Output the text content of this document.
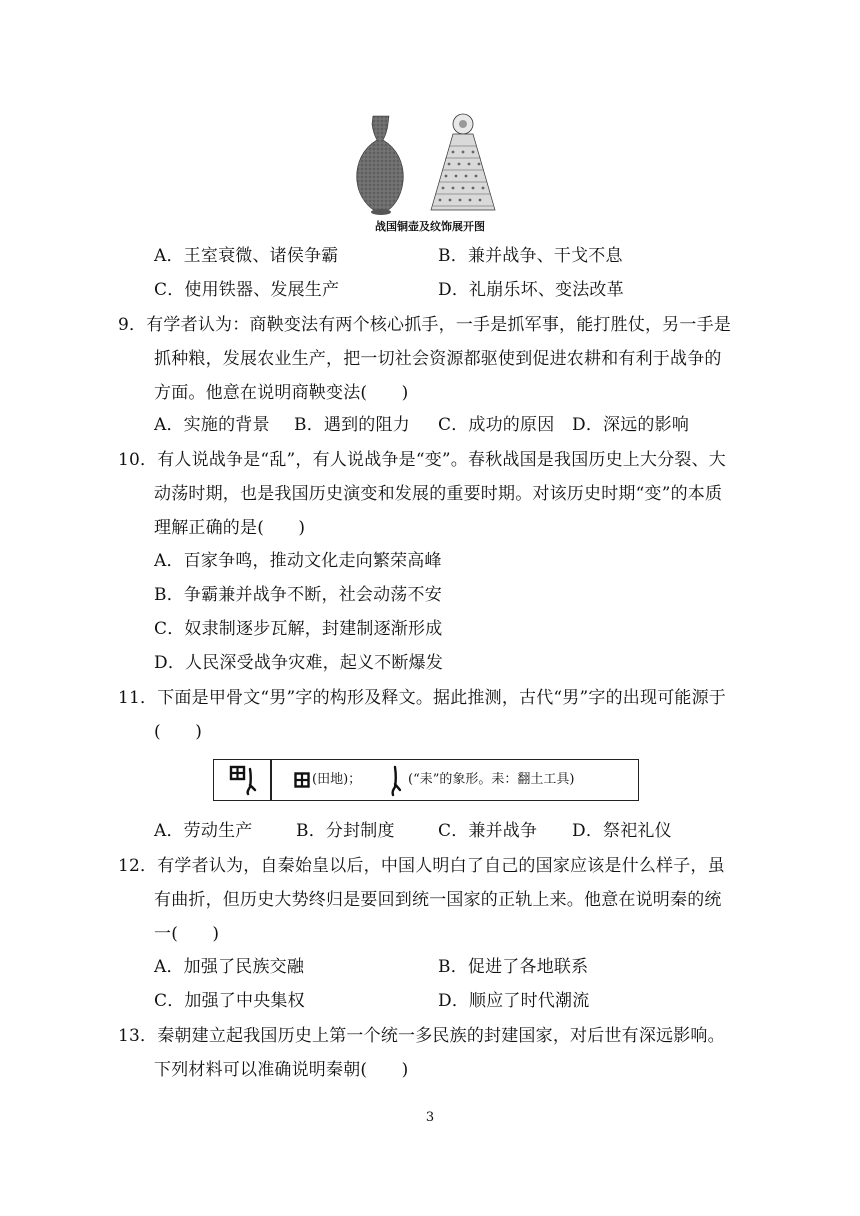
战国铜壶及纹饰展开图
A．王室衰微、诸侯争霸	B．兼并战争、干戈不息
C．使用铁器、发展生产	D．礼崩乐坏、变法改革
9．有学者认为：商鞅变法有两个核心抓手，一手是抓军事，能打胜仗，另一手是
抓种粮，发展农业生产，把一切社会资源都驱使到促进农耕和有利于战争的
方面。他意在说明商鞅变法(　　)
A．实施的背景 B．遇到的阻力 C．成功的原因 D．深远的影响
10．有人说战争是“乱”，有人说战争是“变”。春秋战国是我国历史上大分裂、大
动荡时期，也是我国历史演变和发展的重要时期。对该历史时期“变”的本质
理解正确的是(　　)
A．百家争鸣，推动文化走向繁荣高峰
B．争霸兼并战争不断，社会动荡不安
C．奴隶制逐步瓦解，封建制逐渐形成
D．人民深受战争灾难，起义不断爆发
11．下面是甲骨文“男”字的构形及释文。据此推测，古代“男”字的出现可能源于
(　　)
(田地)；	(“耒”的象形。耒：翻土工具)
A．劳动生产	B．分封制度	C．兼并战争 D．祭祀礼仪
12．有学者认为，自秦始皇以后，中国人明白了自己的国家应该是什么样子，虽
有曲折，但历史大势终归是要回到统一国家的正轨上来。他意在说明秦的统
一(　　)
A．加强了民族交融	B．促进了各地联系
C．加强了中央集权	D．顺应了时代潮流
13．秦朝建立起我国历史上第一个统一多民族的封建国家，对后世有深远影响。
下列材料可以准确说明秦朝(　　)
3
